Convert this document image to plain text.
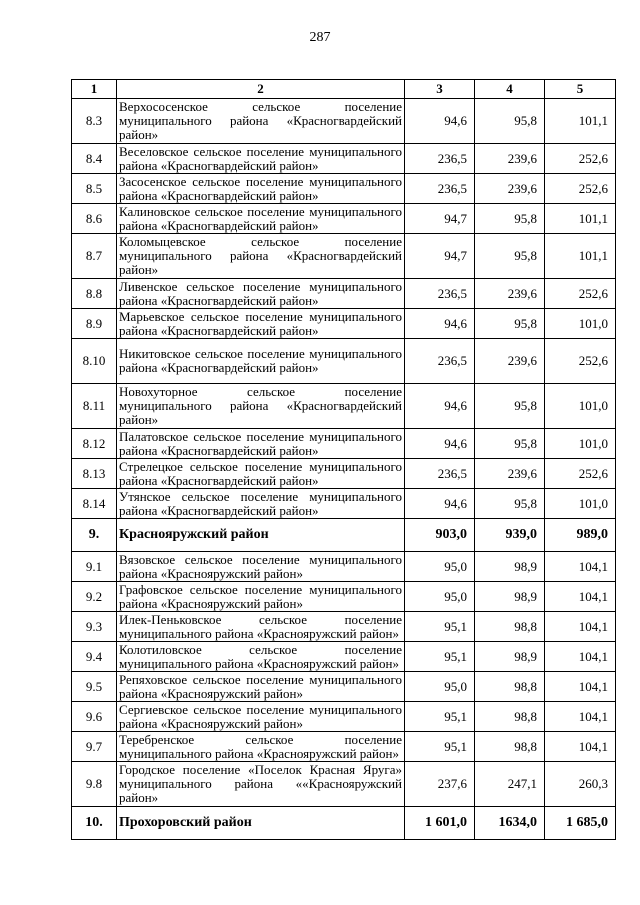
287
1	2	3	4	5
8.3	Верхососенское сельское поселение муниципального района «Красногвардейский район»	94,6	95,8	101,1
8.4	Веселовское сельское поселение муниципального района «Красногвардейский район»	236,5	239,6	252,6
8.5	Засосенское сельское поселение муниципального района «Красногвардейский район»	236,5	239,6	252,6
8.6	Калиновское сельское поселение муниципального района «Красногвардейский район»	94,7	95,8	101,1
8.7	Коломыцевское сельское поселение муниципального района «Красногвардейский район»	94,7	95,8	101,1
8.8	Ливенское сельское поселение муниципального района «Красногвардейский район»	236,5	239,6	252,6
8.9	Марьевское сельское поселение муниципального района «Красногвардейский район»	94,6	95,8	101,0
8.10	Никитовское сельское поселение муниципального района «Красногвардейский район»	236,5	239,6	252,6
8.11	Новохуторное сельское поселение муниципального района «Красногвардейский район»	94,6	95,8	101,0
8.12	Палатовское сельское поселение муниципального района «Красногвардейский район»	94,6	95,8	101,0
8.13	Стрелецкое сельское поселение муниципального района «Красногвардейский район»	236,5	239,6	252,6
8.14	Утянское сельское поселение муниципального района «Красногвардейский район»	94,6	95,8	101,0
9.	Краснояружский район	903,0	939,0	989,0
9.1	Вязовское сельское поселение муниципального района «Краснояружский район»	95,0	98,9	104,1
9.2	Графовское сельское поселение муниципального района «Краснояружский район»	95,0	98,9	104,1
9.3	Илек-Пеньковское сельское поселение муниципального района «Краснояружский район»	95,1	98,8	104,1
9.4	Колотиловское сельское поселение муниципального района «Краснояружский район»	95,1	98,9	104,1
9.5	Репяховское сельское поселение муниципального района «Краснояружский район»	95,0	98,8	104,1
9.6	Сергиевское сельское поселение муниципального района «Краснояружский район»	95,1	98,8	104,1
9.7	Теребренское сельское поселение муниципального района «Краснояружский район»	95,1	98,8	104,1
9.8	Городское поселение «Поселок Красная Яруга» муниципального района ««Краснояружский район»	237,6	247,1	260,3
10.	Прохоровский район	1 601,0	1634,0	1 685,0
